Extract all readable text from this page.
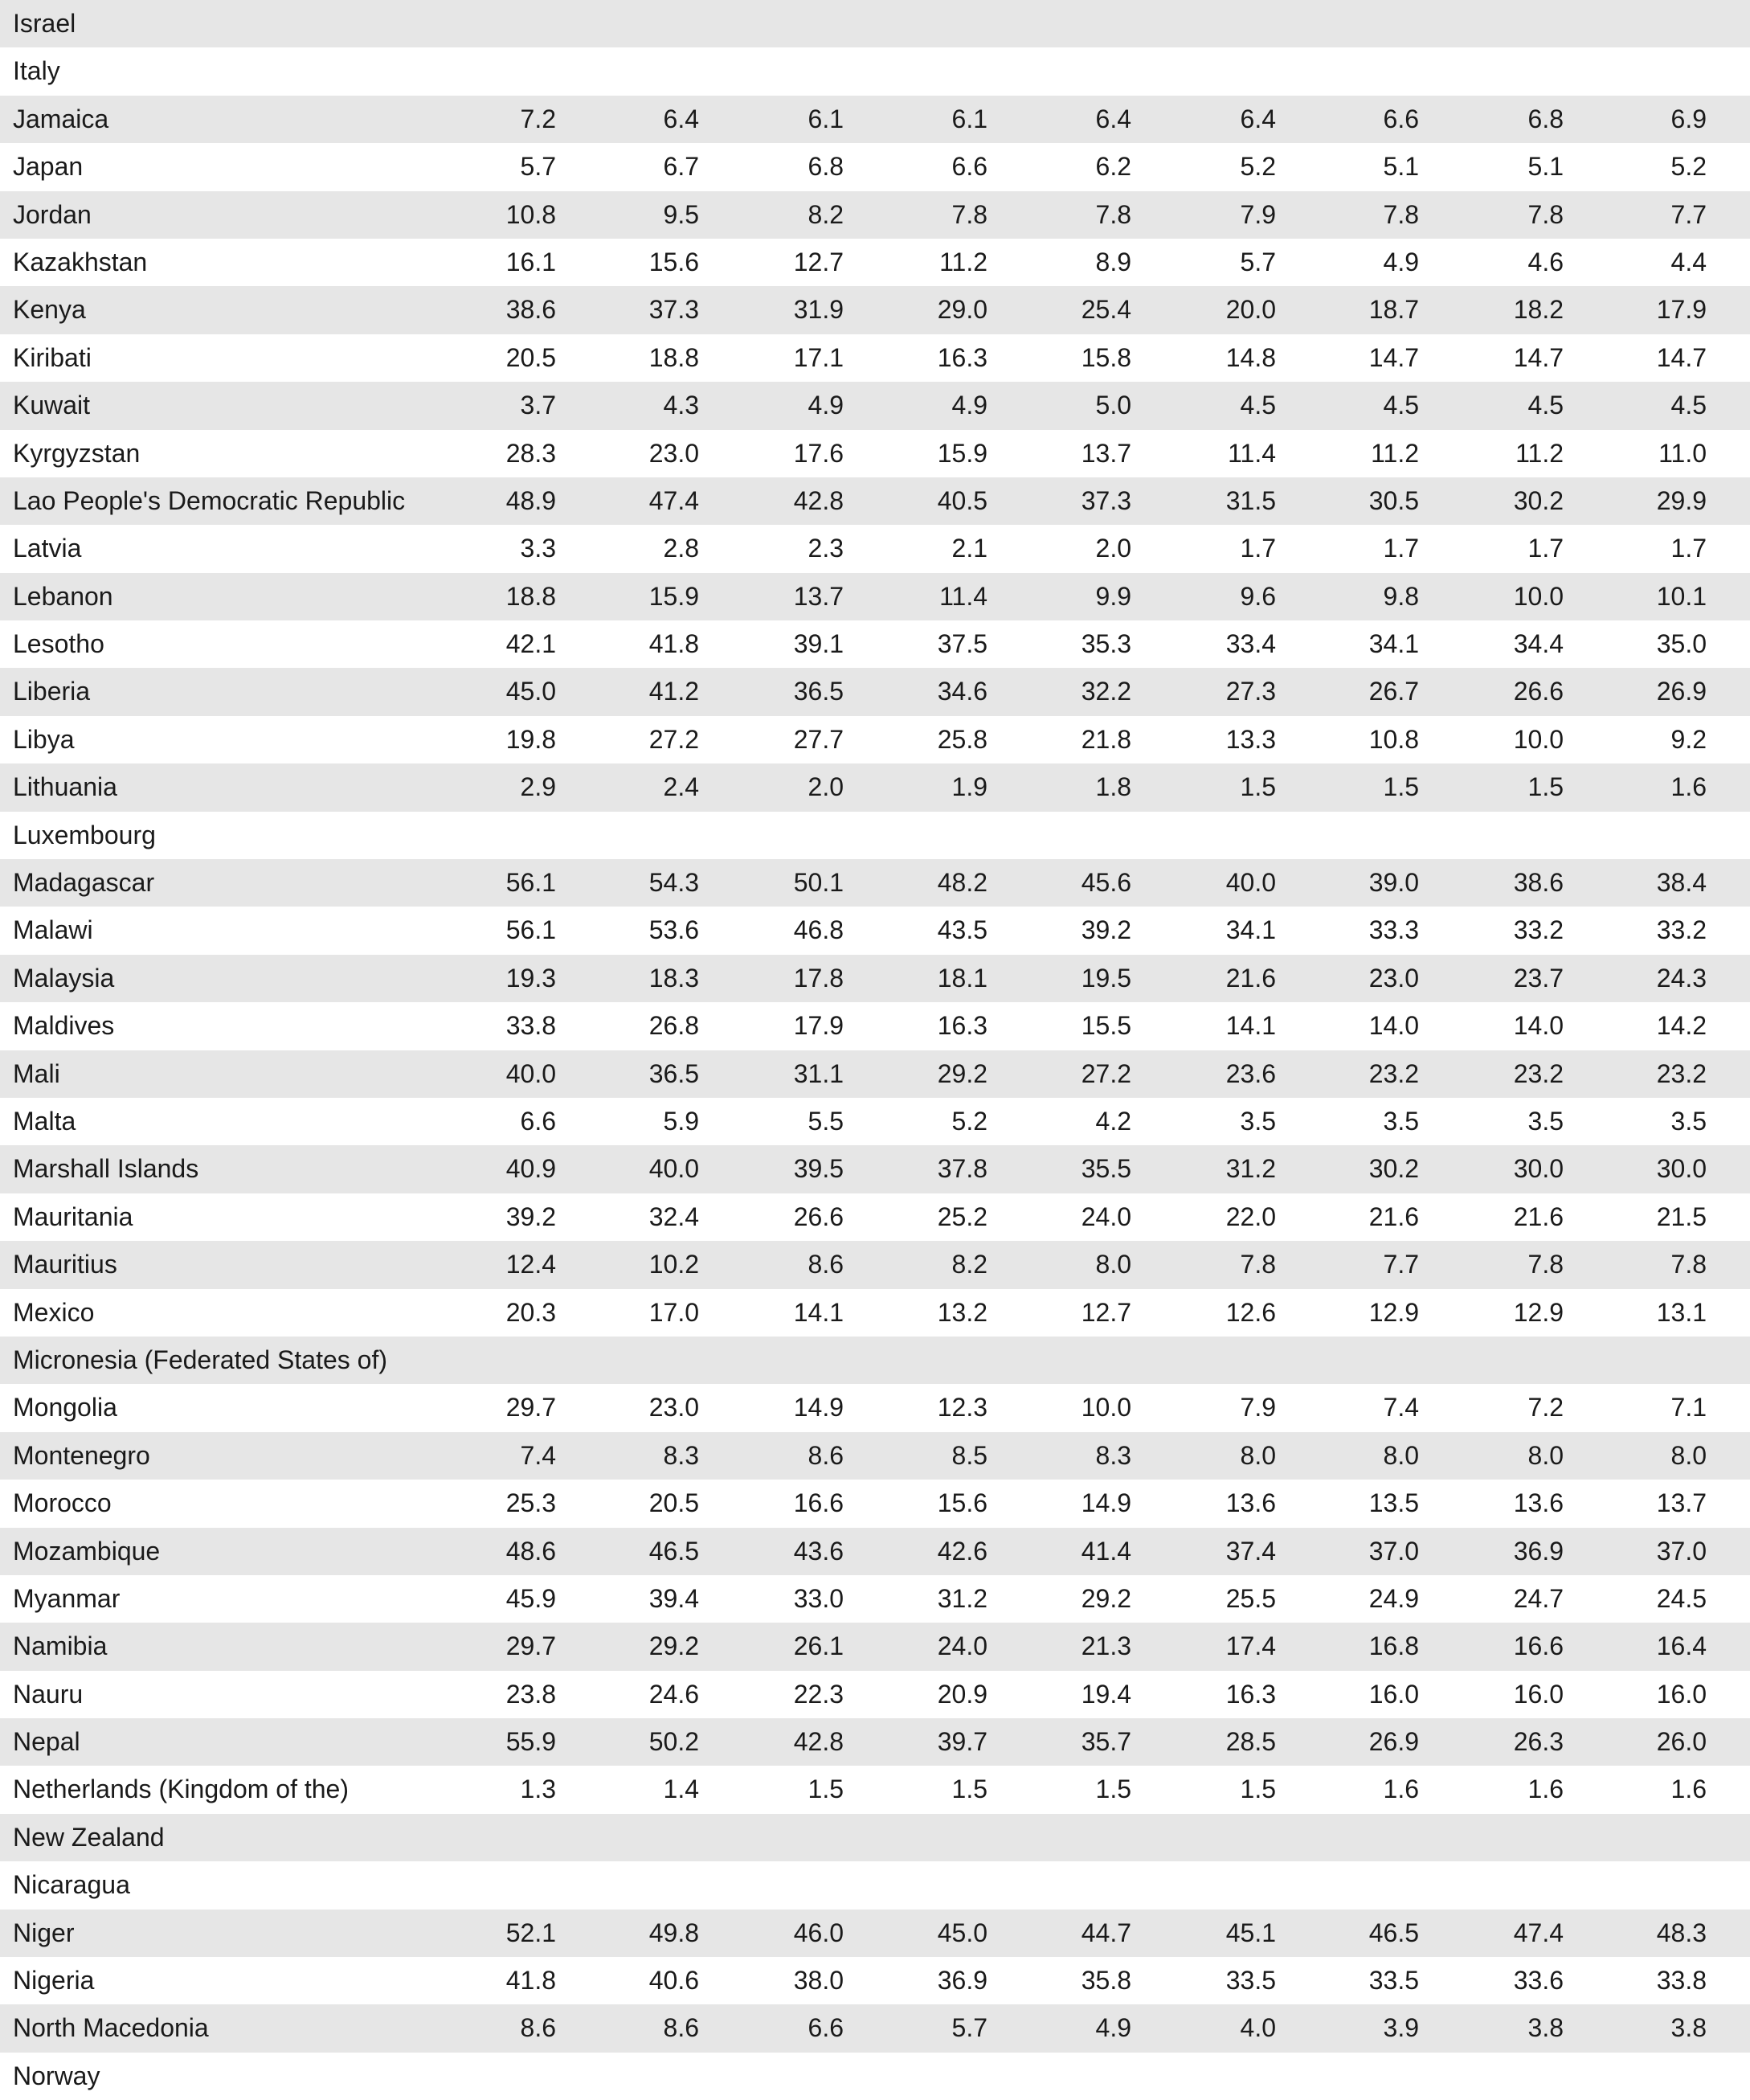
Israel
Italy
Jamaica	7.2	6.4	6.1	6.1	6.4	6.4	6.6	6.8	6.9
Japan	5.7	6.7	6.8	6.6	6.2	5.2	5.1	5.1	5.2
Jordan	10.8	9.5	8.2	7.8	7.8	7.9	7.8	7.8	7.7
Kazakhstan	16.1	15.6	12.7	11.2	8.9	5.7	4.9	4.6	4.4
Kenya	38.6	37.3	31.9	29.0	25.4	20.0	18.7	18.2	17.9
Kiribati	20.5	18.8	17.1	16.3	15.8	14.8	14.7	14.7	14.7
Kuwait	3.7	4.3	4.9	4.9	5.0	4.5	4.5	4.5	4.5
Kyrgyzstan	28.3	23.0	17.6	15.9	13.7	11.4	11.2	11.2	11.0
Lao People's Democratic Republic	48.9	47.4	42.8	40.5	37.3	31.5	30.5	30.2	29.9
Latvia	3.3	2.8	2.3	2.1	2.0	1.7	1.7	1.7	1.7
Lebanon	18.8	15.9	13.7	11.4	9.9	9.6	9.8	10.0	10.1
Lesotho	42.1	41.8	39.1	37.5	35.3	33.4	34.1	34.4	35.0
Liberia	45.0	41.2	36.5	34.6	32.2	27.3	26.7	26.6	26.9
Libya	19.8	27.2	27.7	25.8	21.8	13.3	10.8	10.0	9.2
Lithuania	2.9	2.4	2.0	1.9	1.8	1.5	1.5	1.5	1.6
Luxembourg
Madagascar	56.1	54.3	50.1	48.2	45.6	40.0	39.0	38.6	38.4
Malawi	56.1	53.6	46.8	43.5	39.2	34.1	33.3	33.2	33.2
Malaysia	19.3	18.3	17.8	18.1	19.5	21.6	23.0	23.7	24.3
Maldives	33.8	26.8	17.9	16.3	15.5	14.1	14.0	14.0	14.2
Mali	40.0	36.5	31.1	29.2	27.2	23.6	23.2	23.2	23.2
Malta	6.6	5.9	5.5	5.2	4.2	3.5	3.5	3.5	3.5
Marshall Islands	40.9	40.0	39.5	37.8	35.5	31.2	30.2	30.0	30.0
Mauritania	39.2	32.4	26.6	25.2	24.0	22.0	21.6	21.6	21.5
Mauritius	12.4	10.2	8.6	8.2	8.0	7.8	7.7	7.8	7.8
Mexico	20.3	17.0	14.1	13.2	12.7	12.6	12.9	12.9	13.1
Micronesia (Federated States of)
Mongolia	29.7	23.0	14.9	12.3	10.0	7.9	7.4	7.2	7.1
Montenegro	7.4	8.3	8.6	8.5	8.3	8.0	8.0	8.0	8.0
Morocco	25.3	20.5	16.6	15.6	14.9	13.6	13.5	13.6	13.7
Mozambique	48.6	46.5	43.6	42.6	41.4	37.4	37.0	36.9	37.0
Myanmar	45.9	39.4	33.0	31.2	29.2	25.5	24.9	24.7	24.5
Namibia	29.7	29.2	26.1	24.0	21.3	17.4	16.8	16.6	16.4
Nauru	23.8	24.6	22.3	20.9	19.4	16.3	16.0	16.0	16.0
Nepal	55.9	50.2	42.8	39.7	35.7	28.5	26.9	26.3	26.0
Netherlands (Kingdom of the)	1.3	1.4	1.5	1.5	1.5	1.5	1.6	1.6	1.6
New Zealand
Nicaragua
Niger	52.1	49.8	46.0	45.0	44.7	45.1	46.5	47.4	48.3
Nigeria	41.8	40.6	38.0	36.9	35.8	33.5	33.5	33.6	33.8
North Macedonia	8.6	8.6	6.6	5.7	4.9	4.0	3.9	3.8	3.8
Norway
